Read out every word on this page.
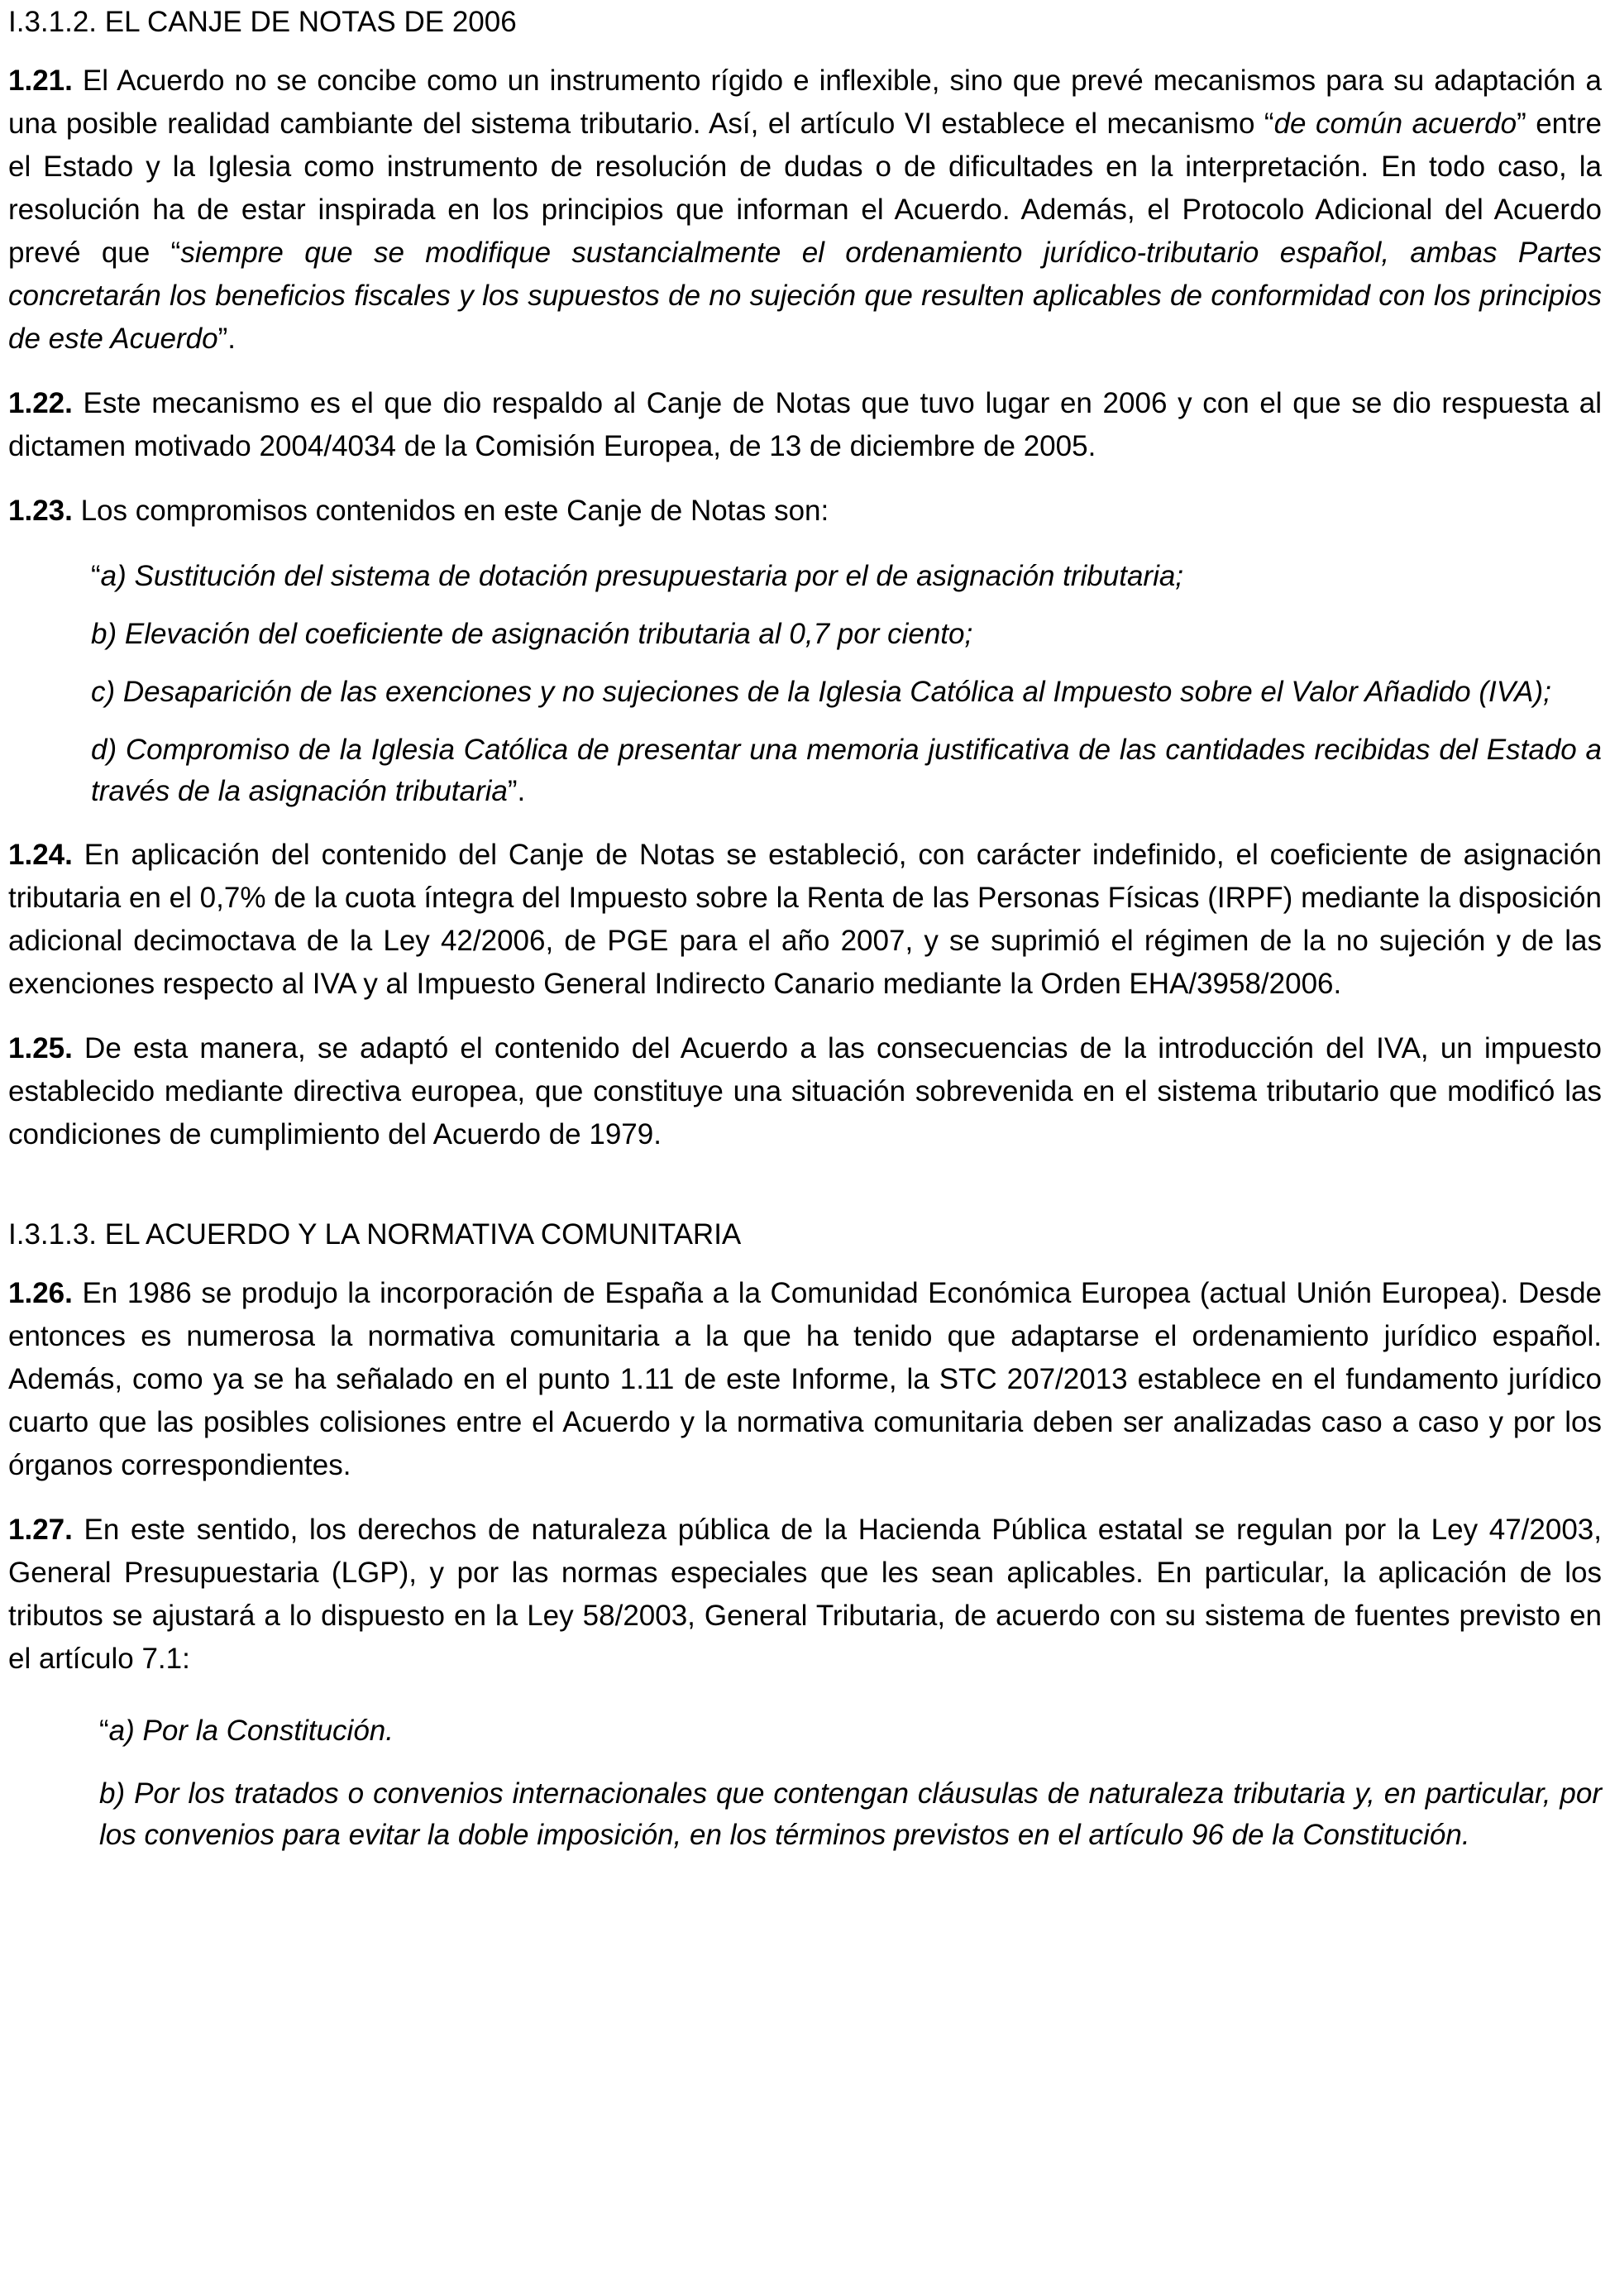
I.3.1.2. EL CANJE DE NOTAS DE 2006

1.21. El Acuerdo no se concibe como un instrumento rígido e inflexible, sino que prevé mecanismos para su adaptación a una posible realidad cambiante del sistema tributario. Así, el artículo VI establece el mecanismo “de común acuerdo” entre el Estado y la Iglesia como instrumento de resolución de dudas o de dificultades en la interpretación. En todo caso, la resolución ha de estar inspirada en los principios que informan el Acuerdo. Además, el Protocolo Adicional del Acuerdo prevé que “siempre que se modifique sustancialmente el ordenamiento jurídico-tributario español, ambas Partes concretarán los beneficios fiscales y los supuestos de no sujeción que resulten aplicables de conformidad con los principios de este Acuerdo”.

1.22. Este mecanismo es el que dio respaldo al Canje de Notas que tuvo lugar en 2006 y con el que se dio respuesta al dictamen motivado 2004/4034 de la Comisión Europea, de 13 de diciembre de 2005.

1.23. Los compromisos contenidos en este Canje de Notas son:

“a) Sustitución del sistema de dotación presupuestaria por el de asignación tributaria;

b) Elevación del coeficiente de asignación tributaria al 0,7 por ciento;

c) Desaparición de las exenciones y no sujeciones de la Iglesia Católica al Impuesto sobre el Valor Añadido (IVA);

d) Compromiso de la Iglesia Católica de presentar una memoria justificativa de las cantidades recibidas del Estado a través de la asignación tributaria”.

1.24. En aplicación del contenido del Canje de Notas se estableció, con carácter indefinido, el coeficiente de asignación tributaria en el 0,7% de la cuota íntegra del Impuesto sobre la Renta de las Personas Físicas (IRPF) mediante la disposición adicional decimoctava de la Ley 42/2006, de PGE para el año 2007, y se suprimió el régimen de la no sujeción y de las exenciones respecto al IVA y al Impuesto General Indirecto Canario mediante la Orden EHA/3958/2006.

1.25. De esta manera, se adaptó el contenido del Acuerdo a las consecuencias de la introducción del IVA, un impuesto establecido mediante directiva europea, que constituye una situación sobrevenida en el sistema tributario que modificó las condiciones de cumplimiento del Acuerdo de 1979.

I.3.1.3. EL ACUERDO Y LA NORMATIVA COMUNITARIA

1.26. En 1986 se produjo la incorporación de España a la Comunidad Económica Europea (actual Unión Europea). Desde entonces es numerosa la normativa comunitaria a la que ha tenido que adaptarse el ordenamiento jurídico español. Además, como ya se ha señalado en el punto 1.11 de este Informe, la STC 207/2013 establece en el fundamento jurídico cuarto que las posibles colisiones entre el Acuerdo y la normativa comunitaria deben ser analizadas caso a caso y por los órganos correspondientes.

1.27. En este sentido, los derechos de naturaleza pública de la Hacienda Pública estatal se regulan por la Ley 47/2003, General Presupuestaria (LGP), y por las normas especiales que les sean aplicables. En particular, la aplicación de los tributos se ajustará a lo dispuesto en la Ley 58/2003, General Tributaria, de acuerdo con su sistema de fuentes previsto en el artículo 7.1:

“a) Por la Constitución.

b) Por los tratados o convenios internacionales que contengan cláusulas de naturaleza tributaria y, en particular, por los convenios para evitar la doble imposición, en los términos previstos en el artículo 96 de la Constitución.
